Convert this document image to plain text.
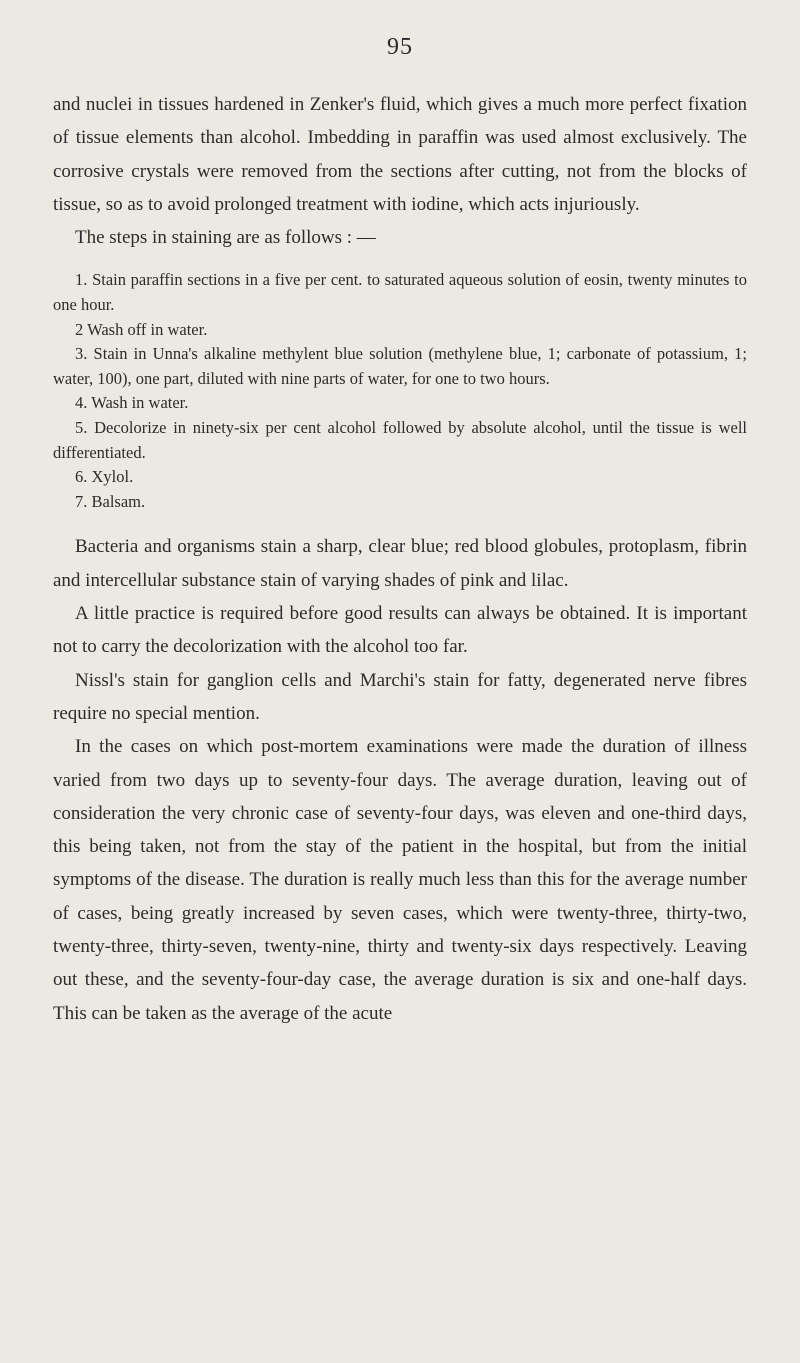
95

and nuclei in tissues hardened in Zenker's fluid, which gives a much more perfect fixation of tissue elements than alcohol. Imbedding in paraffin was used almost exclusively. The corrosive crystals were removed from the sections after cutting, not from the blocks of tissue, so as to avoid prolonged treatment with iodine, which acts injuriously.

The steps in staining are as follows : —

1. Stain paraffin sections in a five per cent. to saturated aqueous solution of eosin, twenty minutes to one hour.

2 Wash off in water.

3. Stain in Unna's alkaline methylent blue solution (methylene blue, 1; carbonate of potassium, 1; water, 100), one part, diluted with nine parts of water, for one to two hours.

4. Wash in water.

5. Decolorize in ninety-six per cent alcohol followed by absolute alcohol, until the tissue is well differentiated.

6. Xylol.

7. Balsam.

Bacteria and organisms stain a sharp, clear blue; red blood globules, protoplasm, fibrin and intercellular substance stain of varying shades of pink and lilac.

A little practice is required before good results can always be obtained. It is important not to carry the decolorization with the alcohol too far.

Nissl's stain for ganglion cells and Marchi's stain for fatty, degenerated nerve fibres require no special mention.

In the cases on which post-mortem examinations were made the duration of illness varied from two days up to seventy-four days. The average duration, leaving out of consideration the very chronic case of seventy-four days, was eleven and one-third days, this being taken, not from the stay of the patient in the hospital, but from the initial symptoms of the disease. The duration is really much less than this for the average number of cases, being greatly increased by seven cases, which were twenty-three, thirty-two, twenty-three, thirty-seven, twenty-nine, thirty and twenty-six days respectively. Leaving out these, and the seventy-four-day case, the average duration is six and one-half days. This can be taken as the average of the acute
